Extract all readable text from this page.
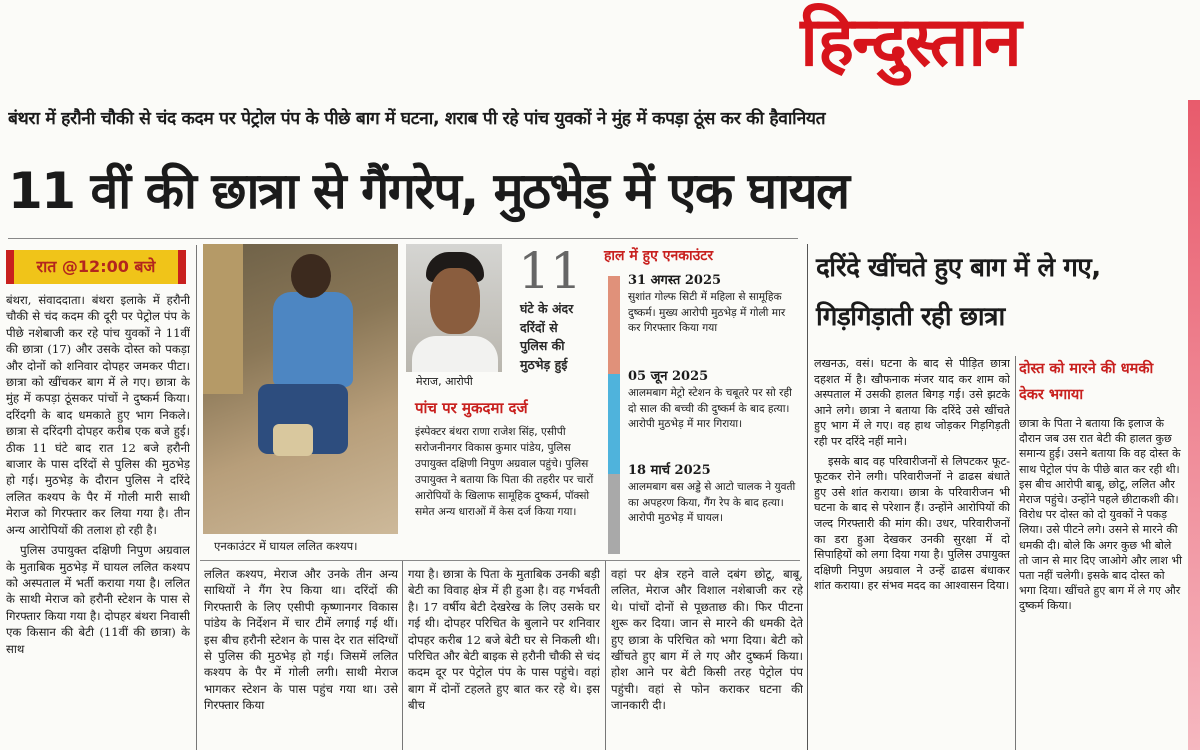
हिन्दुस्तान
बंथरा में हरौनी चौकी से चंद कदम पर पेट्रोल पंप के पीछे बाग में घटना, शराब पी रहे पांच युवकों ने मुंह में कपड़ा ठूंस कर की हैवानियत
11 वीं की छात्रा से गैंगरेप, मुठभेड़ में एक घायल
रात @12:00 बजे

बंथरा, संवाददाता। बंथरा इलाके में हरौनी चौकी से चंद कदम की दूरी पर पेट्रोल पंप के पीछे नशेबाजी कर रहे पांच युवकों ने 11वीं की छात्रा (17) और उसके दोस्त को पकड़ा और दोनों को शनिवार दोपहर जमकर पीटा। छात्रा को खींचकर बाग में ले गए। छात्रा के मुंह में कपड़ा ठूंसकर पांचों ने दुष्कर्म किया। दरिंदगी के बाद धमकाते हुए भाग निकले। छात्रा से दरिंदगी दोपहर करीब एक बजे हुई। ठीक 11 घंटे बाद रात 12 बजे हरौनी बाजार के पास दरिंदों से पुलिस की मुठभेड़ हो गई। मुठभेड़ के दौरान पुलिस ने दरिंदे ललित कश्यप के पैर में गोली मारी साथी मेराज को गिरफ्तार कर लिया गया है। तीन अन्य आरोपियों की तलाश हो रही है।

पुलिस उपायुक्त दक्षिणी निपुण अग्रवाल के मुताबिक मुठभेड़ में घायल ललित कश्यप को अस्पताल में भर्ती कराया गया है। ललित के साथी मेराज को हरौनी स्टेशन के पास से गिरफ्तार किया गया है। दोपहर बंथरा निवासी एक किसान की बेटी (11वीं की छात्रा) के साथ

एनकाउंटर में घायल ललित कश्यप।
मेराज, आरोपी
11
घंटे के अंदर दरिंदों से पुलिस की मुठभेड़ हुई
पांच पर मुकदमा दर्ज
इंस्पेक्टर बंथरा राणा राजेश सिंह, एसीपी सरोजनीनगर विकास कुमार पांडेय, पुलिस उपायुक्त दक्षिणी निपुण अग्रवाल पहुंचे। पुलिस उपायुक्त ने बताया कि पिता की तहरीर पर चारों आरोपियों के खिलाफ सामूहिक दुष्कर्म, पॉक्सो समेत अन्य धाराओं में केस दर्ज किया गया।
हाल में हुए एनकाउंटर
31 अगस्त 2025
सुशांत गोल्फ सिटी में महिला से सामूहिक दुष्कर्म। मुख्य आरोपी मुठभेड़ में गोली मार कर गिरफ्तार किया गया
05 जून 2025
आलमबाग मेट्रो स्टेशन के चबूतरे पर सो रही दो साल की बच्ची की दुष्कर्म के बाद हत्या। आरोपी मुठभेड़ में मार गिराया।
18 मार्च 2025
आलमबाग बस अड्डे से आटो चालक ने युवती का अपहरण किया, गैंग रेप के बाद हत्या। आरोपी मुठभेड़ में घायल।

ललित कश्यप, मेराज और उनके तीन अन्य साथियों ने गैंग रेप किया था। दरिंदों की गिरफ्तारी के लिए एसीपी कृष्णानगर विकास पांडेय के निर्देशन में चार टीमें लगाई गई थीं। इस बीच हरौनी स्टेशन के पास देर रात संदिग्धों से पुलिस की मुठभेड़ हो गई। जिसमें ललित कश्यप के पैर में गोली लगी। साथी मेराज भागकर स्टेशन के पास पहुंच गया था। उसे गिरफ्तार किया

गया है। छात्रा के पिता के मुताबिक उनकी बड़ी बेटी का विवाह क्षेत्र में ही हुआ है। वह गर्भवती है। 17 वर्षीय बेटी देखरेख के लिए उसके घर गई थी। दोपहर परिचित के बुलाने पर शनिवार दोपहर करीब 12 बजे बेटी घर से निकली थी। परिचित और बेटी बाइक से हरौनी चौकी से चंद कदम दूर पर पेट्रोल पंप के पास पहुंचे। वहां बाग में दोनों टहलते हुए बात कर रहे थे। इस बीच

वहां पर क्षेत्र रहने वाले दबंग छोटू, बाबू, ललित, मेराज और विशाल नशेबाजी कर रहे थे। पांचों दोनों से पूछताछ की। फिर पीटना शुरू कर दिया। जान से मारने की धमकी देते हुए छात्रा के परिचित को भगा दिया। बेटी को खींचते हुए बाग में ले गए और दुष्कर्म किया। होश आने पर बेटी किसी तरह पेट्रोल पंप पहुंची। वहां से फोन कराकर घटना की जानकारी दी।

दरिंदे खींचते हुए बाग में ले गए, गिड़गिड़ाती रही छात्रा

लखनऊ, वसं। घटना के बाद से पीड़ित छात्रा दहशत में है। खौफनाक मंजर याद कर शाम को अस्पताल में उसकी हालत बिगड़ गई। उसे झटके आने लगे। छात्रा ने बताया कि दरिंदे उसे खींचते हुए भाग में ले गए। वह हाथ जोड़कर गिड़गिड़ती रही पर दरिंदे नहीं माने।

इसके बाद वह परिवारीजनों से लिपटकर फूट-फूटकर रोने लगी। परिवारीजनों ने ढाढस बंधाते हुए उसे शांत कराया। छात्रा के परिवारीजन भी घटना के बाद से परेशान हैं। उन्होंने आरोपियों की जल्द गिरफ्तारी की मांग की। उधर, परिवारीजनों का डरा हुआ देखकर उनकी सुरक्षा में दो सिपाहियों को लगा दिया गया है। पुलिस उपायुक्त दक्षिणी निपुण अग्रवाल ने उन्हें ढाढस बंधाकर शांत कराया। हर संभव मदद का आश्वासन दिया।

दोस्त को मारने की धमकी देकर भगाया
छात्रा के पिता ने बताया कि इलाज के दौरान जब उस रात बेटी की हालत कुछ समान्य हुई। उसने बताया कि वह दोस्त के साथ पेट्रोल पंप के पीछे बात कर रही थी। इस बीच आरोपी बाबू, छोटू, ललित और मेराज पहुंचे। उन्होंने पहले छीटाकशी की। विरोध पर दोस्त को दो युवकों ने पकड़ लिया। उसे पीटने लगे। उसने से मारने की धमकी दी। बोले कि अगर कुछ भी बोले तो जान से मार दिए जाओगे और लाश भी पता नहीं चलेगी। इसके बाद दोस्त को भगा दिया। खींचते हुए बाग में ले गए और दुष्कर्म किया।
